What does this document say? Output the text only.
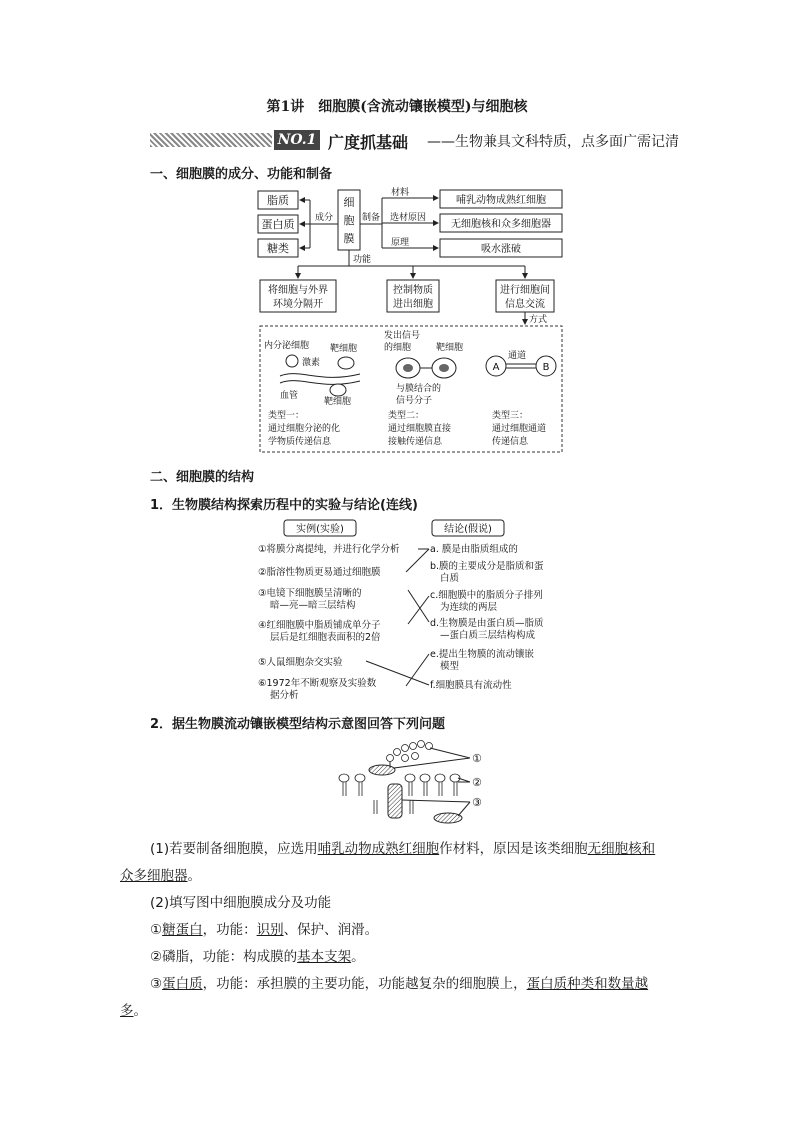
第1讲　细胞膜(含流动镶嵌模型)与细胞核
NO.1 广度抓基础 ——生物兼具文科特质，点多面广需记清
一、细胞膜的成分、功能和制备
脂质
蛋白质
糖类
成分
细
胞
膜
制备
材料
选材原因
原理
哺乳动物成熟红细胞
无细胞核和众多细胞器
吸水涨破
功能
将细胞与外界
环境分隔开
控制物质
进出细胞
进行细胞间
信息交流
方式
内分泌细胞 靶细胞
激素
血管
靶细胞
类型一：
通过细胞分泌的化
学物质传递信息
发出信号
的细胞	靶细胞
与膜结合的
信号分子
类型二：
通过细胞膜直接
接触传递信息
通道
A	B
类型三：
通过细胞通道
传递信息
二、细胞膜的结构
1．生物膜结构探索历程中的实验与结论(连线)
实例(实验)	结论(假说)
①将膜分离提纯，并进行化学分析
②脂溶性物质更易通过细胞膜
③电镜下细胞膜呈清晰的
暗—亮—暗三层结构
④红细胞膜中脂质铺成单分子
层后是红细胞表面积的2倍
⑤人鼠细胞杂交实验
⑥1972年不断观察及实验数
据分析
a. 膜是由脂质组成的
b.膜的主要成分是脂质和蛋
白质
c.细胞膜中的脂质分子排列
为连续的两层
d.生物膜是由蛋白质—脂质
—蛋白质三层结构构成
e.提出生物膜的流动镶嵌
模型
f.细胞膜具有流动性
2．据生物膜流动镶嵌模型结构示意图回答下列问题
①
②
③
(1)若要制备细胞膜，应选用哺乳动物成熟红细胞作材料，原因是该类细胞无细胞核和
众多细胞器。
(2)填写图中细胞膜成分及功能
①糖蛋白，功能：识别、保护、润滑。
②磷脂，功能：构成膜的基本支架。
③蛋白质，功能：承担膜的主要功能，功能越复杂的细胞膜上，蛋白质种类和数量越
多。
